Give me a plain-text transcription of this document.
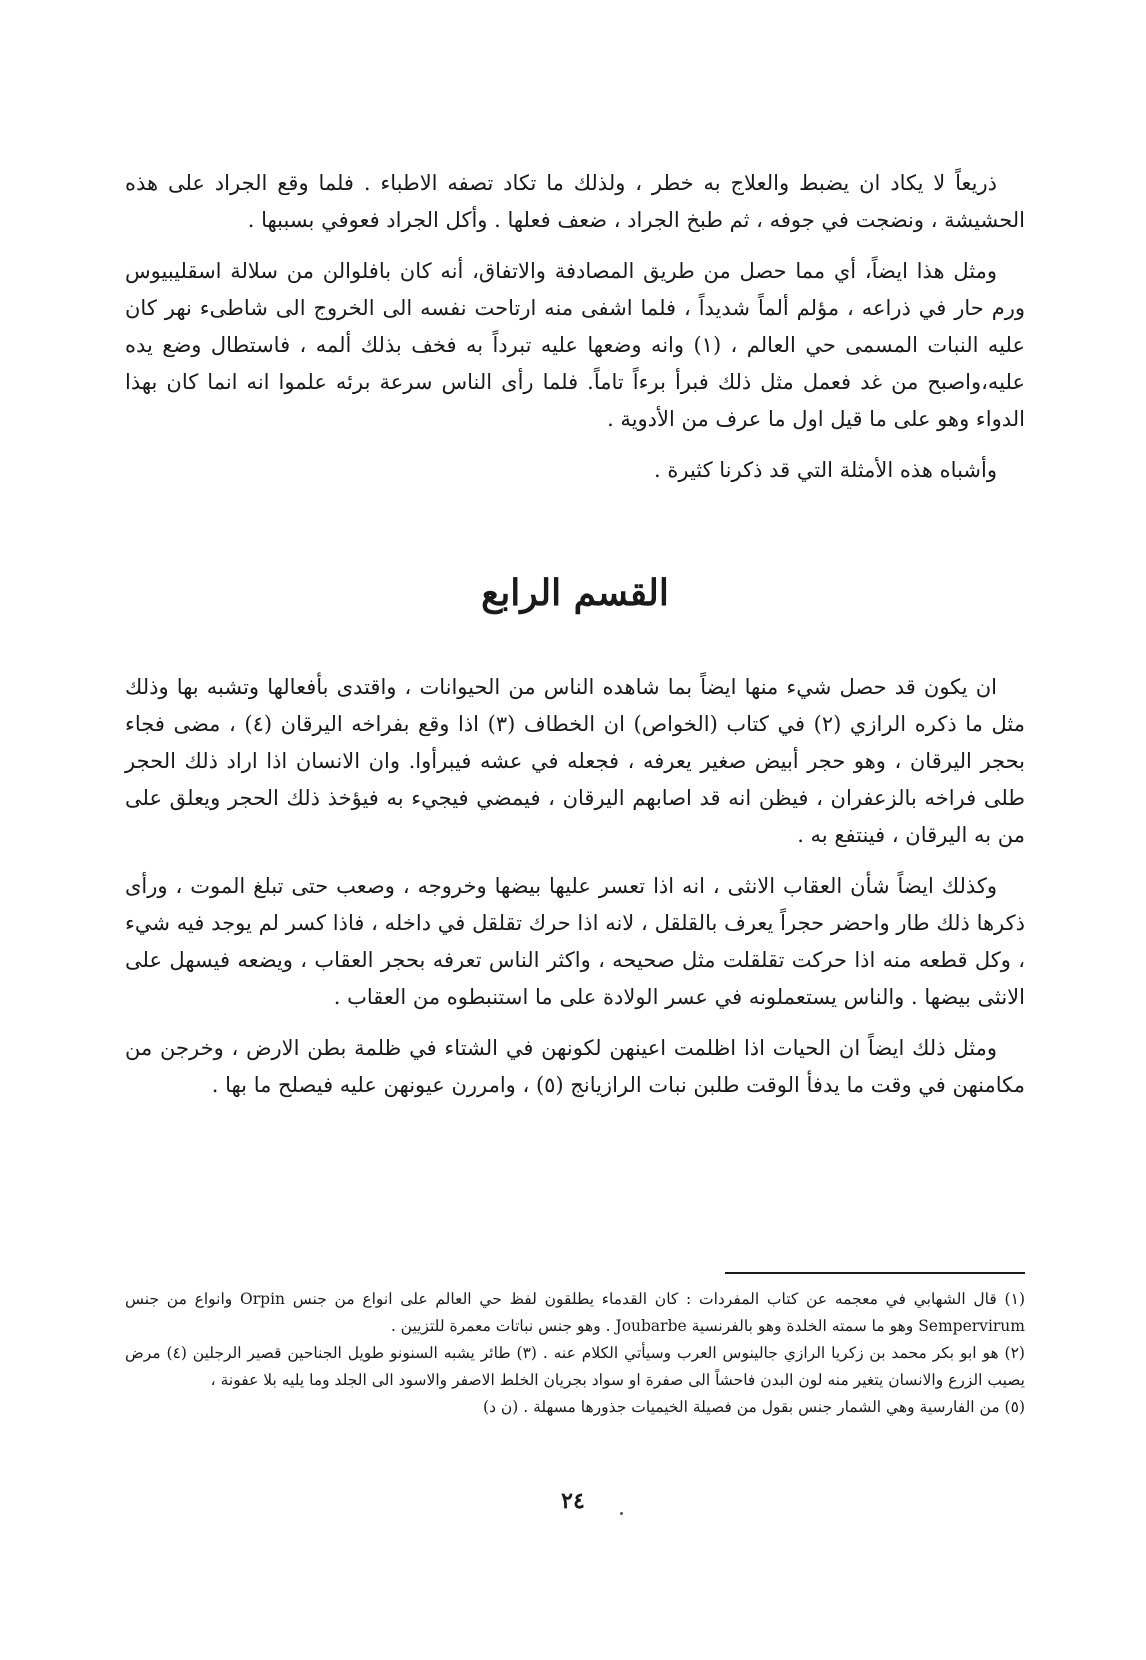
ذريعاً لا يكاد ان يضبط والعلاج به خطر ، ولذلك ما تكاد تصفه الاطباء . فلما وقع الجراد على هذه الحشيشة ، ونضجت في جوفه ، ثم طبخ الجراد ، ضعف فعلها . وأكل الجراد فعوفي بسببها .

ومثل هذا ايضاً، أي مما حصل من طريق المصادفة والاتفاق، أنه كان بافلوالن من سلالة اسقليبيوس ورم حار في ذراعه ، مؤلم ألماً شديداً ، فلما اشفى منه ارتاحت نفسه الى الخروج الى شاطىء نهر كان عليه النبات المسمى حي العالم ، (١) وانه وضعها عليه تبرداً به فخف بذلك ألمه ، فاستطال وضع يده عليه،واصبح من غد فعمل مثل ذلك فبرأ برءاً تاماً. فلما رأى الناس سرعة برئه علموا انه انما كان بهذا الدواء وهو على ما قيل اول ما عرف من الأدوية .

وأشباه هذه الأمثلة التي قد ذكرنا كثيرة .

القسم الرابع

ان يكون قد حصل شيء منها ايضاً بما شاهده الناس من الحيوانات ، واقتدى بأفعالها وتشبه بها وذلك مثل ما ذكره الرازي (٢) في كتاب (الخواص) ان الخطاف (٣) اذا وقع بفراخه اليرقان (٤) ، مضى فجاء بحجر اليرقان ، وهو حجر أبيض صغير يعرفه ، فجعله في عشه فيبرأوا. وان الانسان اذا اراد ذلك الحجر طلى فراخه بالزعفران ، فيظن انه قد اصابهم اليرقان ، فيمضي فيجيء به فيؤخذ ذلك الحجر ويعلق على من به اليرقان ، فينتفع به .

وكذلك ايضاً شأن العقاب الانثى ، انه اذا تعسر عليها بيضها وخروجه ، وصعب حتى تبلغ الموت ، ورأى ذكرها ذلك طار واحضر حجراً يعرف بالقلقل ، لانه اذا حرك تقلقل في داخله ، فاذا كسر لم يوجد فيه شيء ، وكل قطعه منه اذا حركت تقلقلت مثل صحيحه ، واكثر الناس تعرفه بحجر العقاب ، ويضعه فيسهل على الانثى بيضها . والناس يستعملونه في عسر الولادة على ما استنبطوه من العقاب .

ومثل ذلك ايضاً ان الحيات اذا اظلمت اعينهن لكونهن في الشتاء في ظلمة بطن الارض ، وخرجن من مكامنهن في وقت ما يدفأ الوقت طلبن نبات الرازيانج (٥) ، وامررن عيونهن عليه فيصلح ما بها .

(١) قال الشهابي في معجمه عن كتاب المفردات : كان القدماء يطلقون لفظ حي العالم على انواع من جنس Orpin وانواع من جنس Sempervirum وهو ما سمته الخلدة وهو بالفرنسية Joubarbe . وهو جنس نباتات معمرة للتزيين .

(٢) هو ابو بكر محمد بن زكريا الرازي جالينوس العرب وسيأتي الكلام عنه . (٣) طائر يشبه السنونو طويل الجناحين قصير الرجلين (٤) مرض يصيب الزرع والانسان يتغير منه لون البدن فاحشاً الى صفرة او سواد بجريان الخلط الاصفر والاسود الى الجلد وما يليه بلا عفونة ،

(٥) من الفارسية وهي الشمار جنس بقول من فصيلة الخيميات جذورها مسهلة . (ن د)

٢٤
